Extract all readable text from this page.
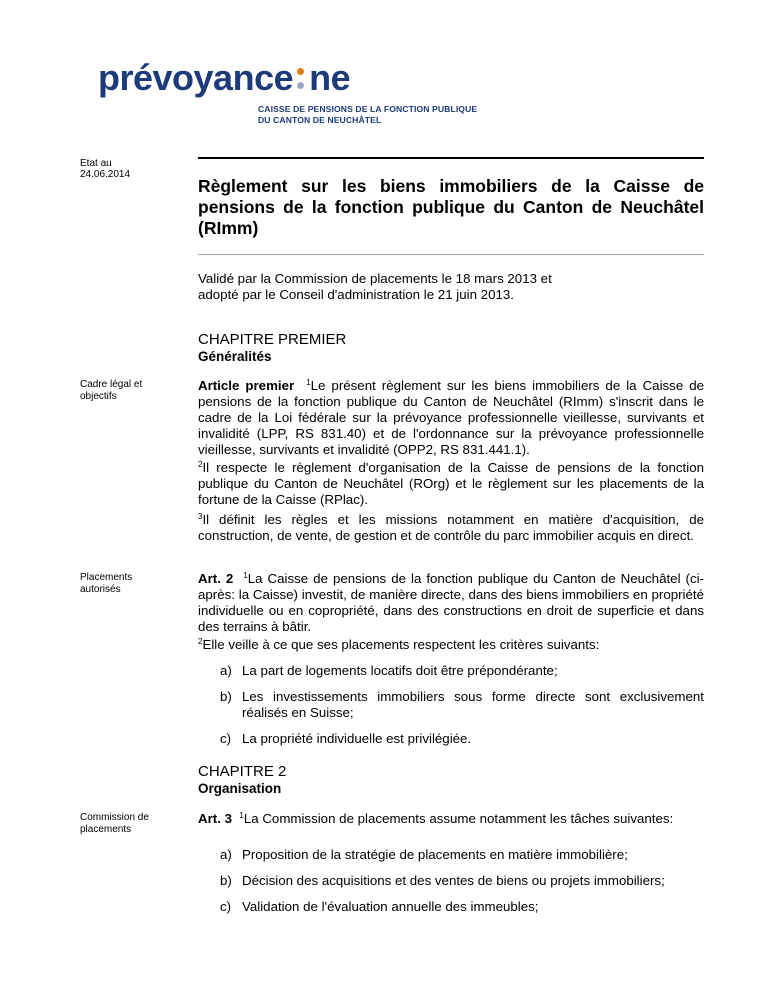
prévoyance ne
CAISSE DE PENSIONS DE LA FONCTION PUBLIQUE
DU CANTON DE NEUCHÂTEL
Etat au
24.06.2014
Règlement sur les biens immobiliers de la Caisse de pensions de la fonction publique du Canton de Neuchâtel (RImm)
Validé par la Commission de placements le 18 mars 2013 et
adopté par le Conseil d'administration le 21 juin 2013.
CHAPITRE PREMIER
Généralités
Cadre légal et
objectifs
Article premier $^1$Le présent règlement sur les biens immobiliers de la Caisse de pensions de la fonction publique du Canton de Neuchâtel (RImm) s'inscrit dans le cadre de la Loi fédérale sur la prévoyance professionnelle vieillesse, survivants et invalidité (LPP, RS 831.40) et de l'ordonnance sur la prévoyance professionnelle vieillesse, survivants et invalidité (OPP2, RS 831.441.1).
$^2$Il respecte le règlement d'organisation de la Caisse de pensions de la fonction publique du Canton de Neuchâtel (ROrg) et le règlement sur les placements de la fortune de la Caisse (RPlac).
$^3$Il définit les règles et les missions notamment en matière d'acquisition, de construction, de vente, de gestion et de contrôle du parc immobilier acquis en direct.
Placements
autorisés
Art. 2 $^1$La Caisse de pensions de la fonction publique du Canton de Neuchâtel (ci-après: la Caisse) investit, de manière directe, dans des biens immobiliers en propriété individuelle ou en copropriété, dans des constructions en droit de superficie et dans des terrains à bâtir.
$^2$Elle veille à ce que ses placements respectent les critères suivants:
a) La part de logements locatifs doit être prépondérante;
b) Les investissements immobiliers sous forme directe sont exclusivement réalisés en Suisse;
c) La propriété individuelle est privilégiée.
CHAPITRE 2
Organisation
Commission de
placements
Art. 3 $^1$La Commission de placements assume notamment les tâches suivantes:
a) Proposition de la stratégie de placements en matière immobilière;
b) Décision des acquisitions et des ventes de biens ou projets immobiliers;
c) Validation de l'évaluation annuelle des immeubles;
